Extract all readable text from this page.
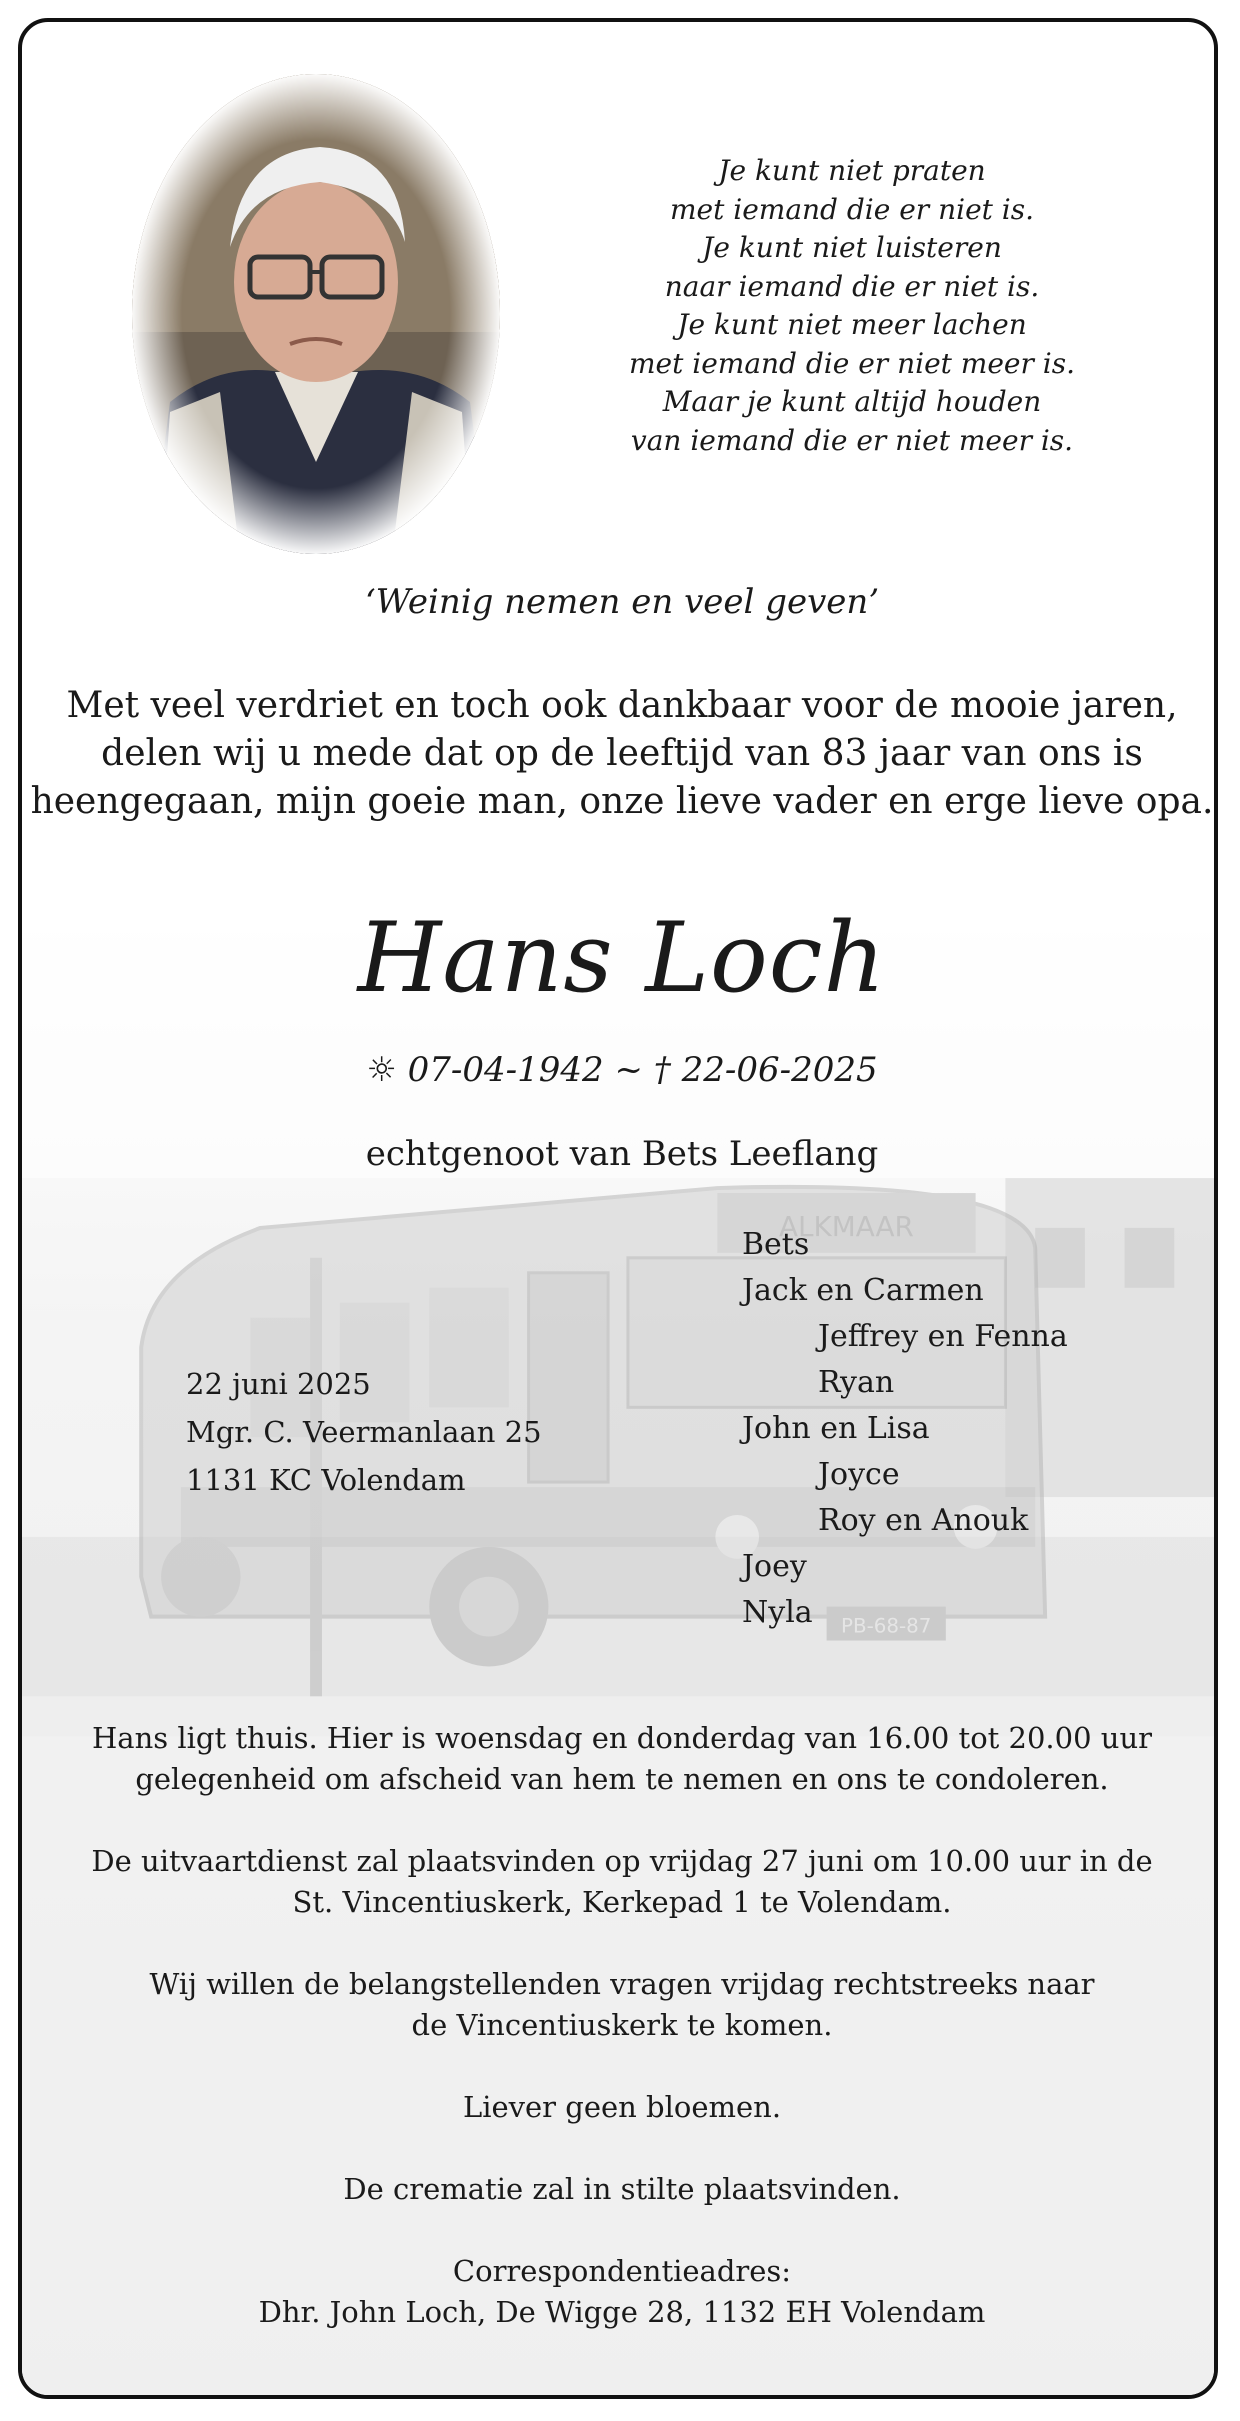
ALKMAAR
PB-68-87
Je kunt niet praten
met iemand die er niet is.
Je kunt niet luisteren
naar iemand die er niet is.
Je kunt niet meer lachen
met iemand die er niet meer is.
Maar je kunt altijd houden
van iemand die er niet meer is.
‘Weinig nemen en veel geven’
Met veel verdriet en toch ook dankbaar voor de mooie jaren,
delen wij u mede dat op de leeftijd van 83 jaar van ons is
heengegaan, mijn goeie man, onze lieve vader en erge lieve opa.
Hans Loch
☼ 07-04-1942 ~ † 22-06-2025
echtgenoot van Bets Leeflang
22 juni 2025
Mgr. C. Veermanlaan 25
1131 KC Volendam
Bets
Jack en Carmen
Jeffrey en Fenna
Ryan
John en Lisa
Joyce
Roy en Anouk
Joey
Nyla

Hans ligt thuis. Hier is woensdag en donderdag van 16.00 tot 20.00 uur
gelegenheid om afscheid van hem te nemen en ons te condoleren.

De uitvaartdienst zal plaatsvinden op vrijdag 27 juni om 10.00 uur in de
St. Vincentiuskerk, Kerkepad 1 te Volendam.

Wij willen de belangstellenden vragen vrijdag rechtstreeks naar
de Vincentiuskerk te komen.

Liever geen bloemen.

De crematie zal in stilte plaatsvinden.

Correspondentieadres:
Dhr. John Loch, De Wigge 28, 1132 EH Volendam
